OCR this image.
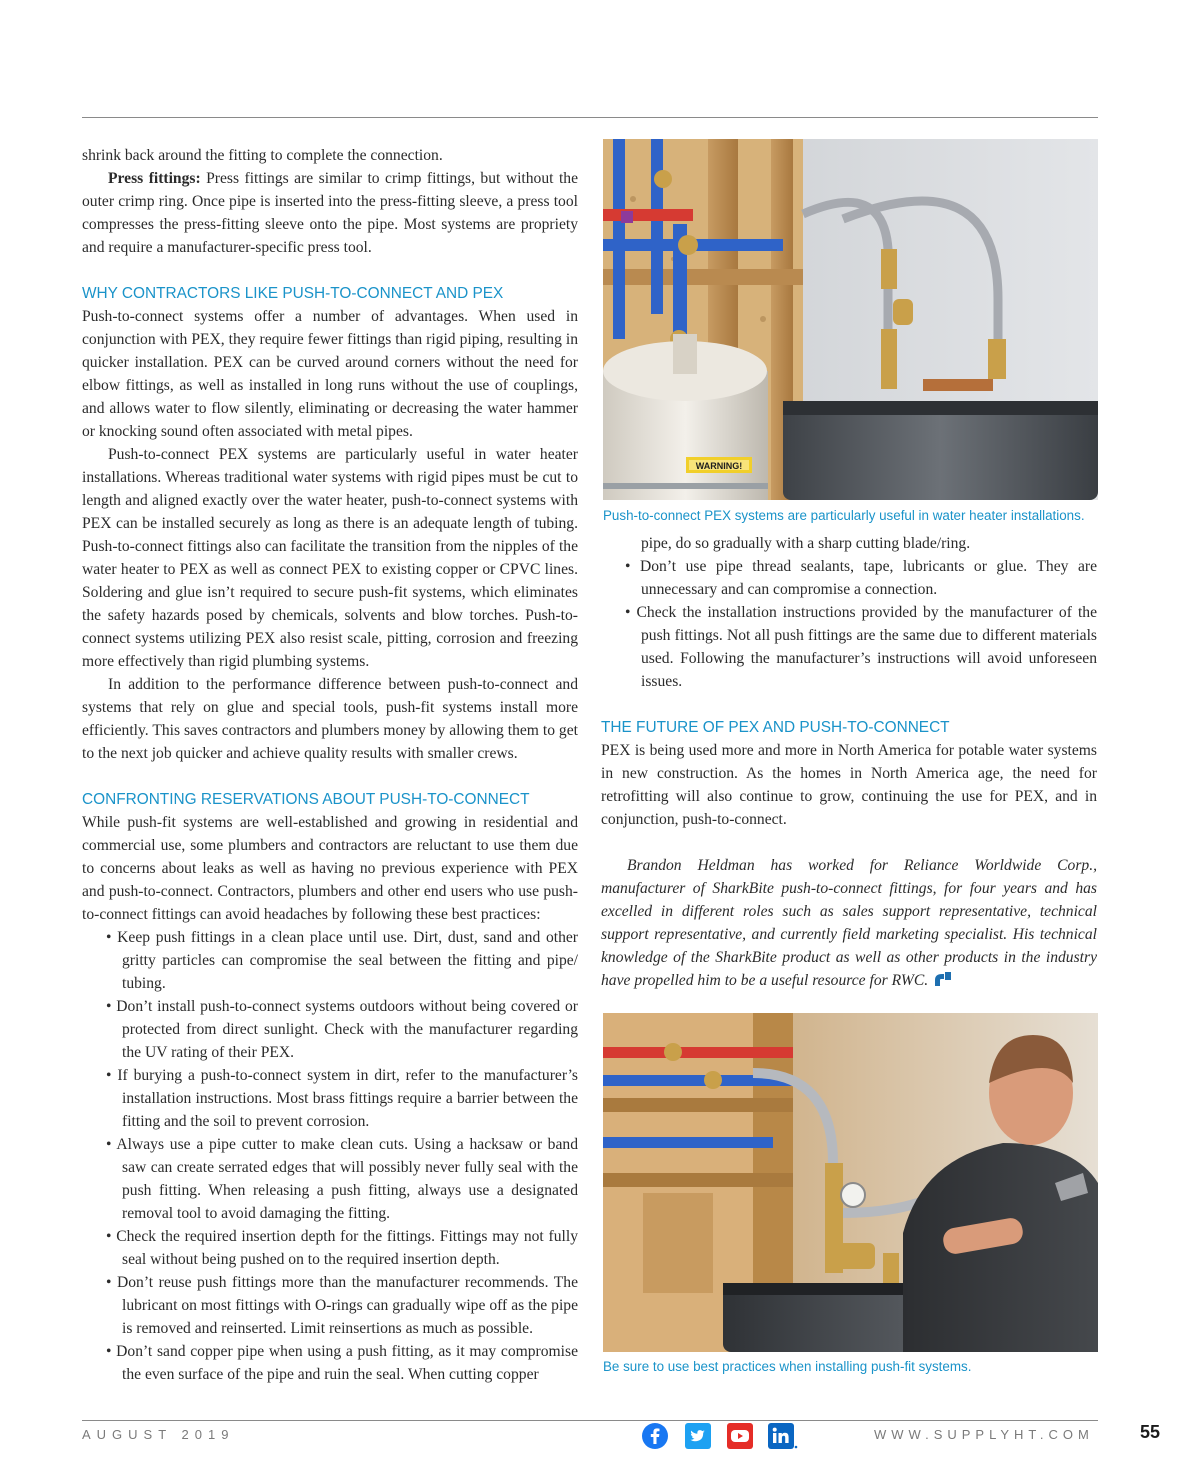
shrink back around the fitting to complete the connection.

Press fittings: Press fittings are similar to crimp fittings, but without the outer crimp ring. Once pipe is inserted into the press-fitting sleeve, a press tool compresses the press-fitting sleeve onto the pipe. Most systems are propriety and require a manufacturer-specific press tool.

WHY CONTRACTORS LIKE PUSH-TO-CONNECT AND PEX

Push-to-connect systems offer a number of advantages. When used in conjunction with PEX, they require fewer fittings than rigid piping, resulting in quicker installation. PEX can be curved around corners without the need for elbow fittings, as well as installed in long runs without the use of couplings, and allows water to flow silently, eliminating or decreasing the water hammer or knocking sound often associated with metal pipes.

Push-to-connect PEX systems are particularly useful in water heater installations. Whereas traditional water systems with rigid pipes must be cut to length and aligned exactly over the water heater, push-to-connect systems with PEX can be installed securely as long as there is an adequate length of tubing. Push-to-connect fittings also can facilitate the transition from the nipples of the water heater to PEX as well as connect PEX to existing copper or CPVC lines. Soldering and glue isn’t required to secure push-fit systems, which eliminates the safety hazards posed by chemicals, solvents and blow torches. Push-to-connect systems utilizing PEX also resist scale, pitting, corrosion and freezing more effectively than rigid plumbing systems.

In addition to the performance difference between push-to-connect and systems that rely on glue and special tools, push-fit systems install more efficiently. This saves contractors and plumbers money by allowing them to get to the next job quicker and achieve quality results with smaller crews.

CONFRONTING RESERVATIONS ABOUT PUSH-TO-CONNECT

While push-fit systems are well-established and growing in residential and commercial use, some plumbers and contractors are reluctant to use them due to concerns about leaks as well as having no previous experience with PEX and push-to-connect. Contractors, plumbers and other end users who use push-to-connect fittings can avoid headaches by following these best practices:

• Keep push fittings in a clean place until use. Dirt, dust, sand and other gritty particles can compromise the seal between the fitting and pipe/ tubing.
• Don’t install push-to-connect systems outdoors without being covered or protected from direct sunlight. Check with the manufacturer regarding the UV rating of their PEX.
• If burying a push-to-connect system in dirt, refer to the manufacturer’s installation instructions. Most brass fittings require a barrier between the fitting and the soil to prevent corrosion.
• Always use a pipe cutter to make clean cuts. Using a hacksaw or band saw can create serrated edges that will possibly never fully seal with the push fitting. When releasing a push fitting, always use a designated removal tool to avoid damaging the fitting.
• Check the required insertion depth for the fittings. Fittings may not fully seal without being pushed on to the required insertion depth.
• Don’t reuse push fittings more than the manufacturer recommends. The lubricant on most fittings with O-rings can gradually wipe off as the pipe is removed and reinserted. Limit reinsertions as much as possible.
• Don’t sand copper pipe when using a push fitting, as it may compromise the even surface of the pipe and ruin the seal. When cutting copper
WARNING!
Push-to-connect PEX systems are particularly useful in water heater installations.

pipe, do so gradually with a sharp cutting blade/ring.

• Don’t use pipe thread sealants, tape, lubricants or glue. They are unnecessary and can compromise a connection.
• Check the installation instructions provided by the manufacturer of the push fittings. Not all push fittings are the same due to different materials used. Following the manufacturer’s instructions will avoid unforeseen issues.
THE FUTURE OF PEX AND PUSH-TO-CONNECT

PEX is being used more and more in North America for potable water systems in new construction. As the homes in North America age, the need for retrofitting will also continue to grow, continuing the use for PEX, and in conjunction, push-to-connect.

Brandon Heldman has worked for Reliance Worldwide Corp., manufacturer of SharkBite push-to-connect fittings, for four years and has excelled in different roles such as sales support representative, technical support representative, and currently field marketing specialist. His technical knowledge of the SharkBite product as well as other products in the industry have propelled him to be a useful resource for RWC.

Be sure to use best practices when installing push-fit systems.
AUGUST 2019	WWW.SUPPLYHT.COM	55
